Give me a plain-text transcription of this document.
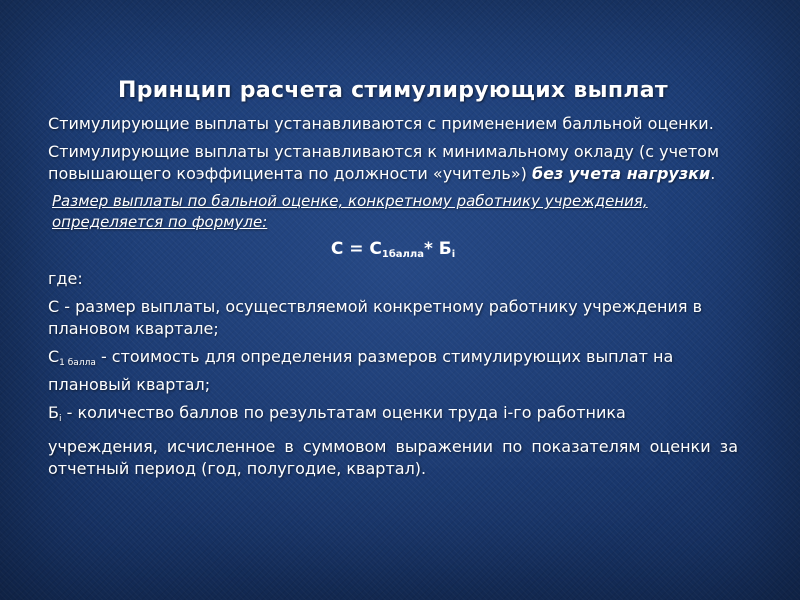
Принцип расчета стимулирующих выплат

Стимулирующие выплаты устанавливаются с применением балльной оценки.

Стимулирующие выплаты устанавливаются к минимальному окладу (с учетом повышающего коэффициента по должности «учитель») без учета нагрузки.

Размер выплаты по бальной оценке, конкретному работнику учреждения, определяется по формуле:

$С = С_{1балла}*$ $Б_i$

где:

С - размер выплаты, осуществляемой конкретному работнику учреждения в плановом квартале;

С1 балла - стоимость для определения размеров стимулирующих выплат на плановый квартал;

Бi - количество баллов по результатам оценки труда i-го работника

учреждения, исчисленное в суммовом выражении по показателям оценки за отчетный период (год, полугодие, квартал).
